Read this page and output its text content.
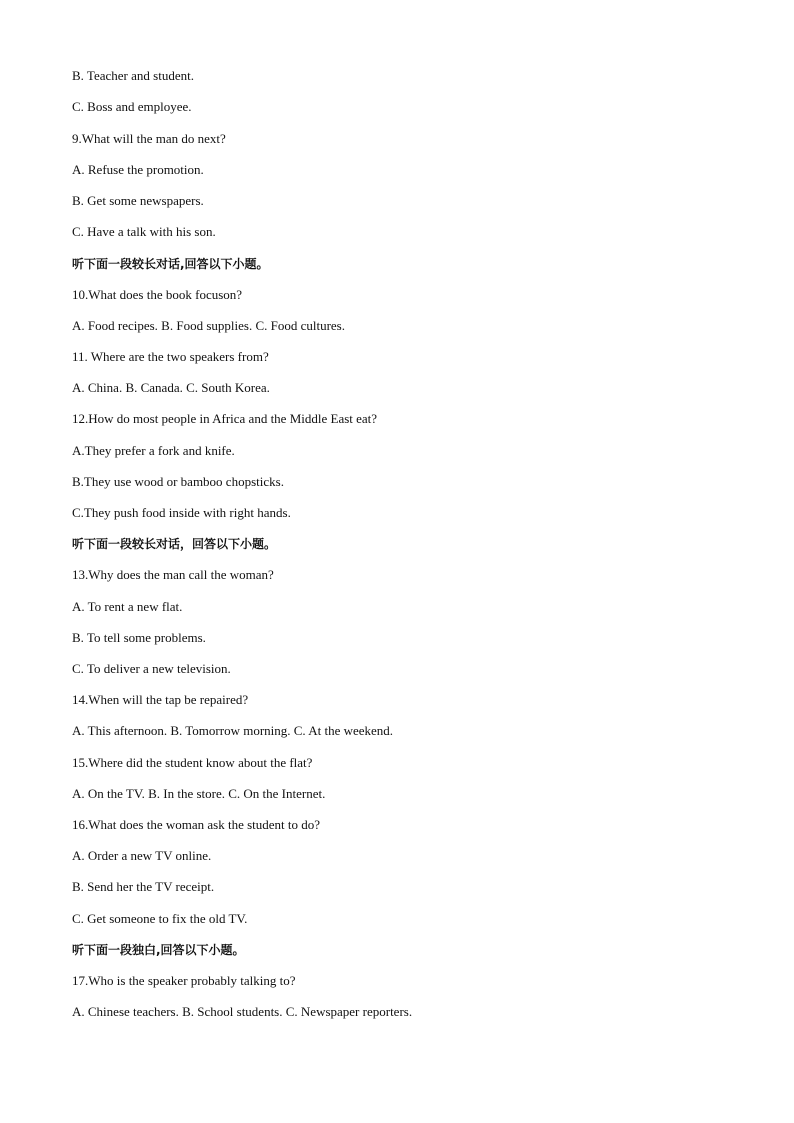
B. Teacher and student.
C. Boss and employee.
9.What will the man do next?
A. Refuse the promotion.
B. Get some newspapers.
C. Have a talk with his son.
听下面一段较长对话,回答以下小题。
10.What does the book focuson?
A. Food recipes. B. Food supplies. C. Food cultures.
11. Where are the two speakers from?
A. China. B. Canada. C. South Korea.
12.How do most people in Africa and the Middle East eat?
A.They prefer a fork and knife.
B.They use wood or bamboo chopsticks.
C.They push food inside with right hands.
听下面一段较长对话，回答以下小题。
13.Why does the man call the woman?
A. To rent a new flat.
B. To tell some problems.
C. To deliver a new television.
14.When will the tap be repaired?
A. This afternoon. B. Tomorrow morning. C. At the weekend.
15.Where did the student know about the flat?
A. On the TV. B. In the store. C. On the Internet.
16.What does the woman ask the student to do?
A. Order a new TV online.
B. Send her the TV receipt.
C. Get someone to fix the old TV.
听下面一段独白,回答以下小题。
17.Who is the speaker probably talking to?
A. Chinese teachers. B. School students. C. Newspaper reporters.
